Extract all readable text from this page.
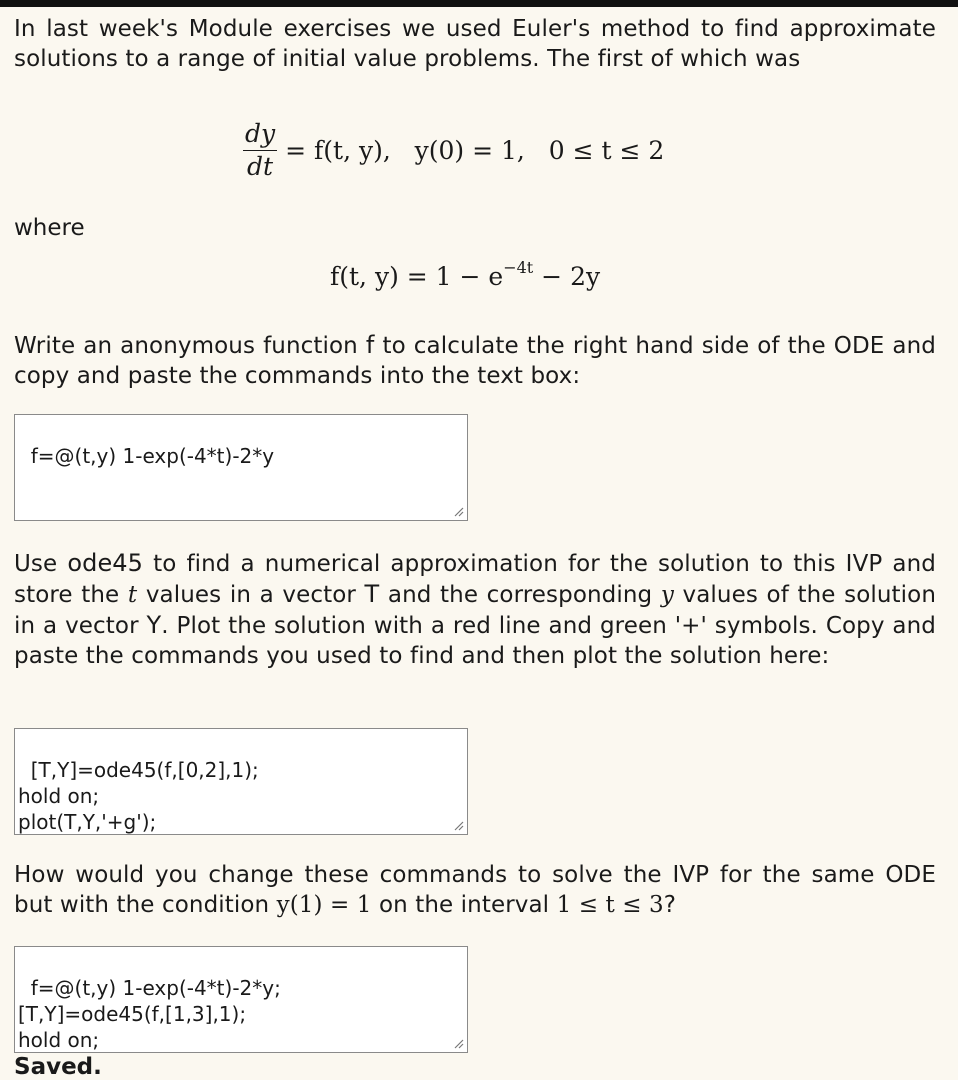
In last week's Module exercises we used Euler's method to find approximate solutions to a range of initial value problems. The first of which was

$\frac{dy}{dt} = f(t$, y),   y(0) = 1,   0 ≤ t ≤ 2
where
f(t, $y) = 1 - e^{-4t} - 2y$

Write an anonymous function f to calculate the right hand side of the ODE and copy and paste the commands into the text box:

f=@(t,y) 1-exp(-4*t)-2*y

Use ode45 to find a numerical approximation for the solution to this IVP and store the t values in a vector T and the corresponding y values of the solution in a vector Y. Plot the solution with a red line and green '+' symbols. Copy and paste the commands you used to find and then plot the solution here:

[T,Y]=ode45(f,[0,2],1);
hold on;
plot(T,Y,'+g');

How would you change these commands to solve the IVP for the same ODE but with the condition y(1) = 1 on the interval 1 ≤ t ≤ 3?

f=@(t,y) 1-exp(-4*t)-2*y;
[T,Y]=ode45(f,[1,3],1);
hold on;

Saved.
